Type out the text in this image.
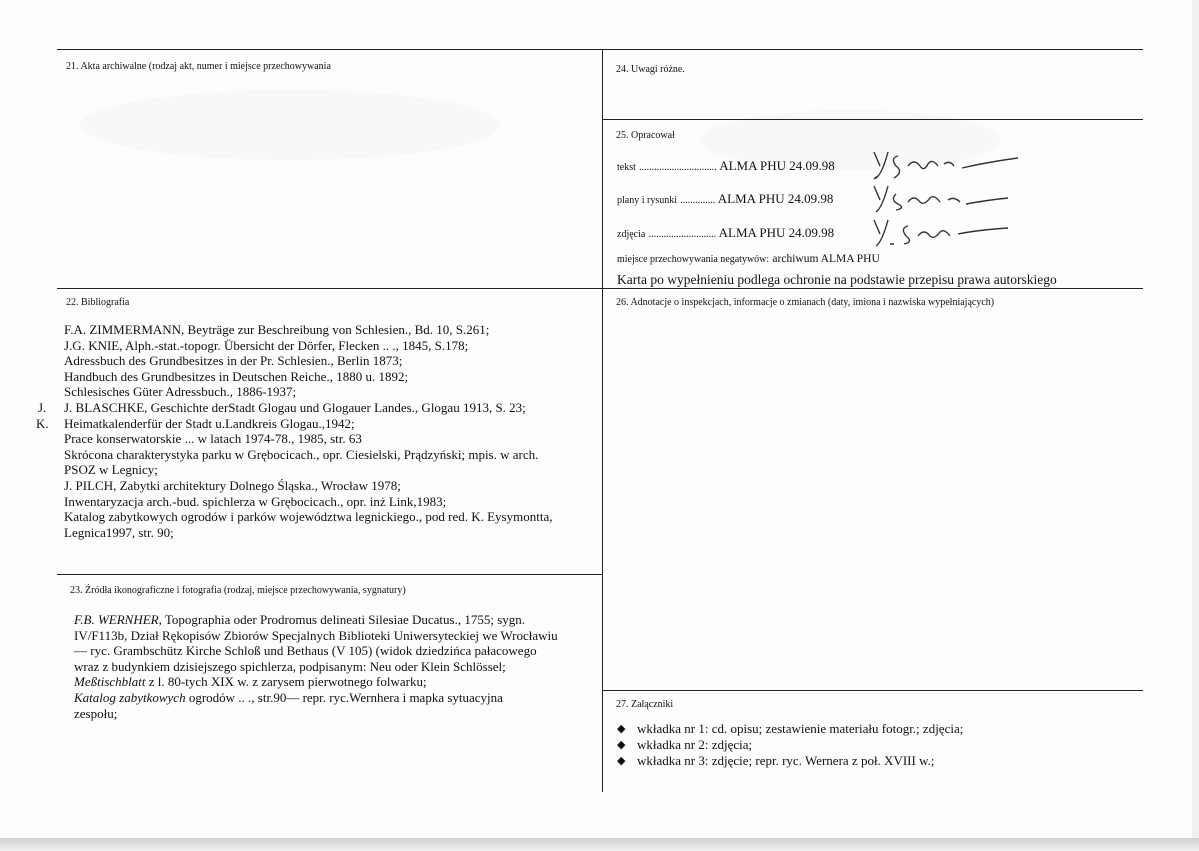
21. Akta archiwalne (rodzaj akt, numer i miejsce przechowywania	24. Uwagi różne.
25. Opracował
tekst ............................... ALMA PHU 24.09.98
plany i rysunki .............. ALMA PHU 24.09.98
zdjęcia ........................... ALMA PHU 24.09.98
miejsce przechowywania negatywów: archiwum ALMA PHU
Karta po wypełnieniu podlega ochronie na podstawie przepisu prawa autorskiego
22. Bibliografia
J.
K.
F.A. ZIMMERMANN, Beyträge zur Beschreibung von Schlesien., Bd. 10, S.261;
J.G. KNIE, Alph.-stat.-topogr. Übersicht der Dörfer, Flecken .. ., 1845, S.178;
Adressbuch des Grundbesitzes in der Pr. Schlesien., Berlin 1873;
Handbuch des Grundbesitzes in Deutschen Reiche., 1880 u. 1892;
Schlesisches Güter Adressbuch., 1886-1937;
J. BLASCHKE, Geschichte derStadt Glogau und Glogauer Landes., Glogau 1913, S. 23;
Heimatkalenderfür der Stadt u.Landkreis Glogau.,1942;
Prace konserwatorskie ... w latach 1974-78., 1985, str. 63
Skrócona charakterystyka parku w Grębocicach., opr. Ciesielski, Prądzyński; mpis. w arch.
PSOZ w Legnicy;
J. PILCH, Zabytki architektury Dolnego Śląska., Wrocław 1978;
Inwentaryzacja arch.-bud. spichlerza w Grębocicach., opr. inż Link,1983;
Katalog zabytkowych ogrodów i parków województwa legnickiego., pod red. K. Eysymontta,
Legnica1997, str. 90;
23. Źródła ikonograficzne i fotografia (rodzaj, miejsce przechowywania, sygnatury)
F.B. WERNHER, Topographia oder Prodromus delineati Silesiae Ducatus., 1755; sygn.
IV/F113b, Dział Rękopisów Zbiorów Specjalnych Biblioteki Uniwersyteckiej we Wrocławiu
— ryc. Grambschütz Kirche Schloß und Bethaus (V 105) (widok dziedzińca pałacowego
wraz z budynkiem dzisiejszego spichlerza, podpisanym: Neu oder Klein Schlössel;
Meßtischblatt z l. 80-tych XIX w. z zarysem pierwotnego folwarku;
Katalog zabytkowych ogrodów .. ., str.90— repr. ryc.Wernhera i mapka sytuacyjna
zespołu;
26. Adnotacje o inspekcjach, informacje o zmianach (daty, imiona i nazwiska wypełniających)
27. Załączniki
◆ wkładka nr 1: cd. opisu; zestawienie materiału fotogr.; zdjęcia;
◆ wkładka nr 2: zdjęcia;
◆ wkładka nr 3: zdjęcie; repr. ryc. Wernera z poł. XVIII w.;
